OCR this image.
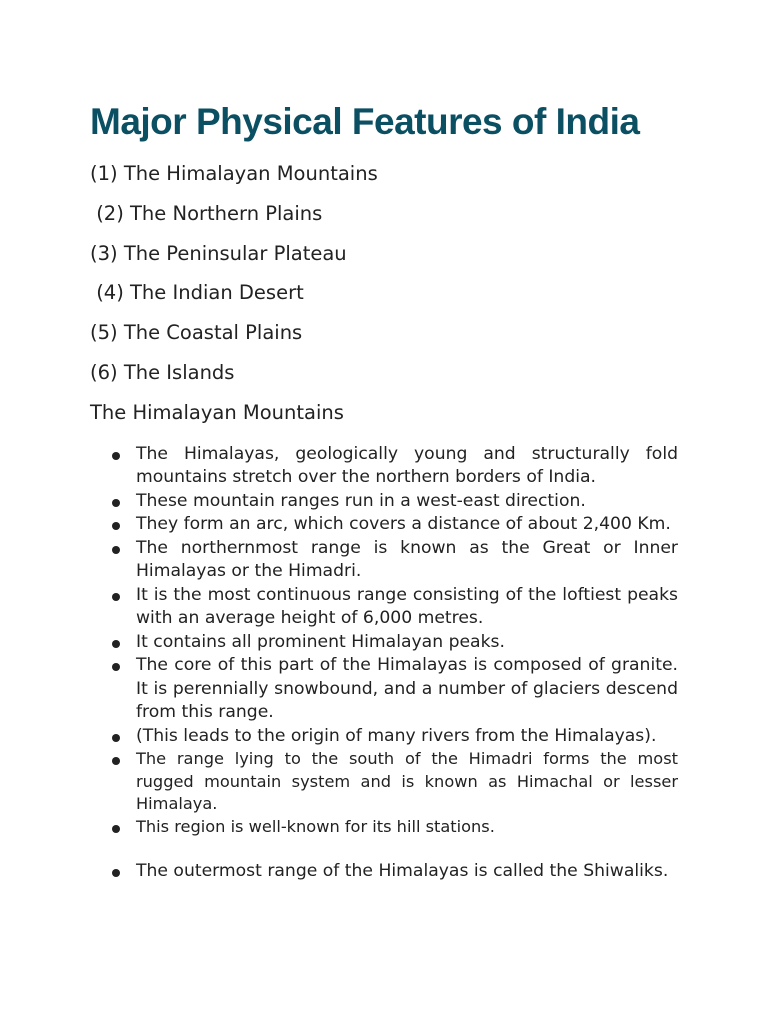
Major Physical Features of India
(1) The Himalayan Mountains
(2) The Northern Plains
(3) The Peninsular Plateau
(4) The Indian Desert
(5) The Coastal Plains
(6) The Islands
The Himalayan Mountains
The Himalayas, geologically young and structurally fold mountains stretch over the northern borders of India.
These mountain ranges run in a west-east direction.
They form an arc, which covers a distance of about 2,400 Km.
The northernmost range is known as the Great or Inner Himalayas or the Himadri.
It is the most continuous range consisting of the loftiest peaks with an average height of 6,000 metres.
It contains all prominent Himalayan peaks.
The core of this part of the Himalayas is composed of granite. It is perennially snowbound, and a number of glaciers descend from this range.
(This leads to the origin of many rivers from the Himalayas).
The range lying to the south of the Himadri forms the most rugged mountain system and is known as Himachal or lesser Himalaya.
This region is well-known for its hill stations.
The outermost range of the Himalayas is called the Shiwaliks.
